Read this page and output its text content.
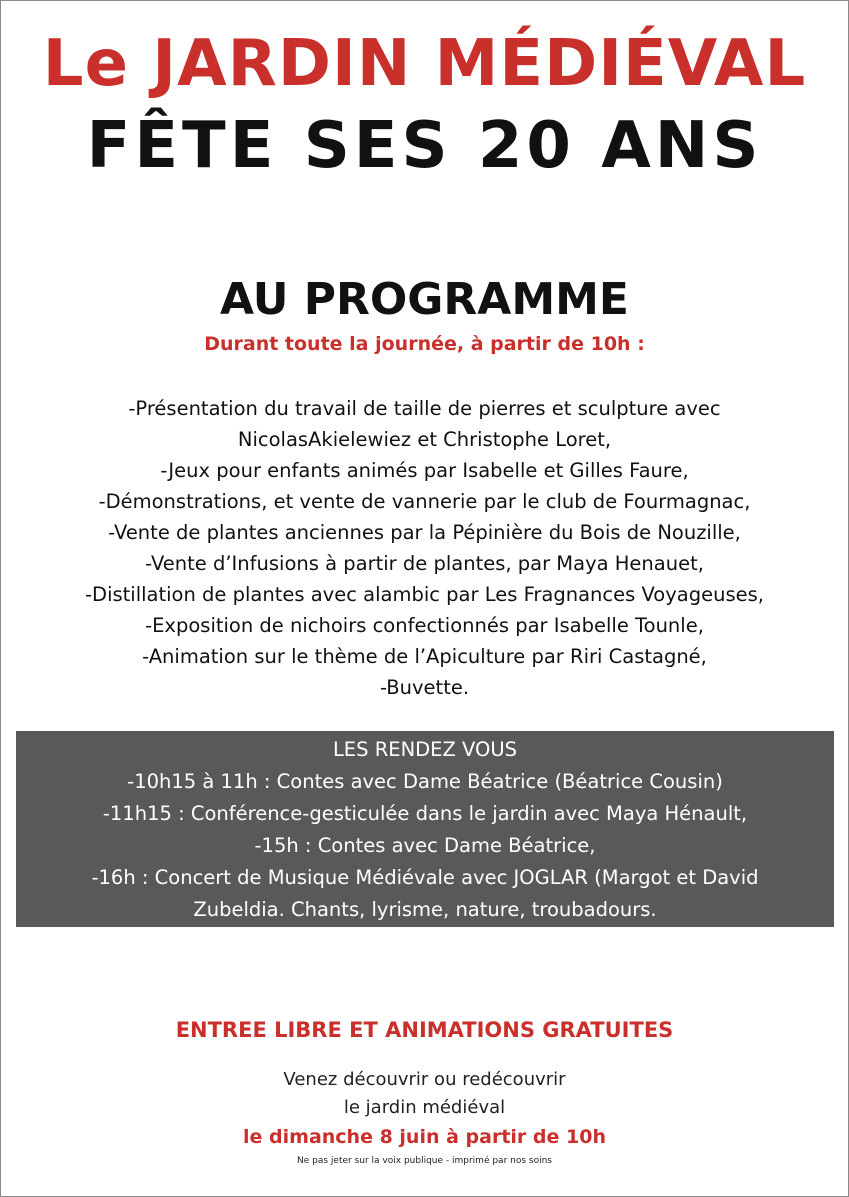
Le JARDIN MÉDIÉVAL
FÊTE SES 20 ANS
AU PROGRAMME
Durant toute la journée, à partir de 10h :
-Présentation du travail de taille de pierres et sculpture avec
NicolasAkielewiez et Christophe Loret,
-Jeux pour enfants animés par Isabelle et Gilles Faure,
-Démonstrations, et vente de vannerie par le club de Fourmagnac,
-Vente de plantes anciennes par la Pépinière du Bois de Nouzille,
-Vente d’Infusions à partir de plantes, par Maya Henauet,
-Distillation de plantes avec alambic par Les Fragnances Voyageuses,
-Exposition de nichoirs confectionnés par Isabelle Tounle,
-Animation sur le thème de l’Apiculture par Riri Castagné,
-Buvette.

LES RENDEZ VOUS

-10h15 à 11h : Contes avec Dame Béatrice (Béatrice Cousin)
-11h15 : Conférence-gesticulée dans le jardin avec Maya Hénault,
-15h : Contes avec Dame Béatrice,
-16h : Concert de Musique Médiévale avec JOGLAR (Margot et David
Zubeldia. Chants, lyrisme, nature, troubadours.
ENTREE LIBRE ET ANIMATIONS GRATUITES
Venez découvrir ou redécouvrir
le jardin médiéval
le dimanche 8 juin à partir de 10h
Ne pas jeter sur la voix publique - imprimé par nos soins
